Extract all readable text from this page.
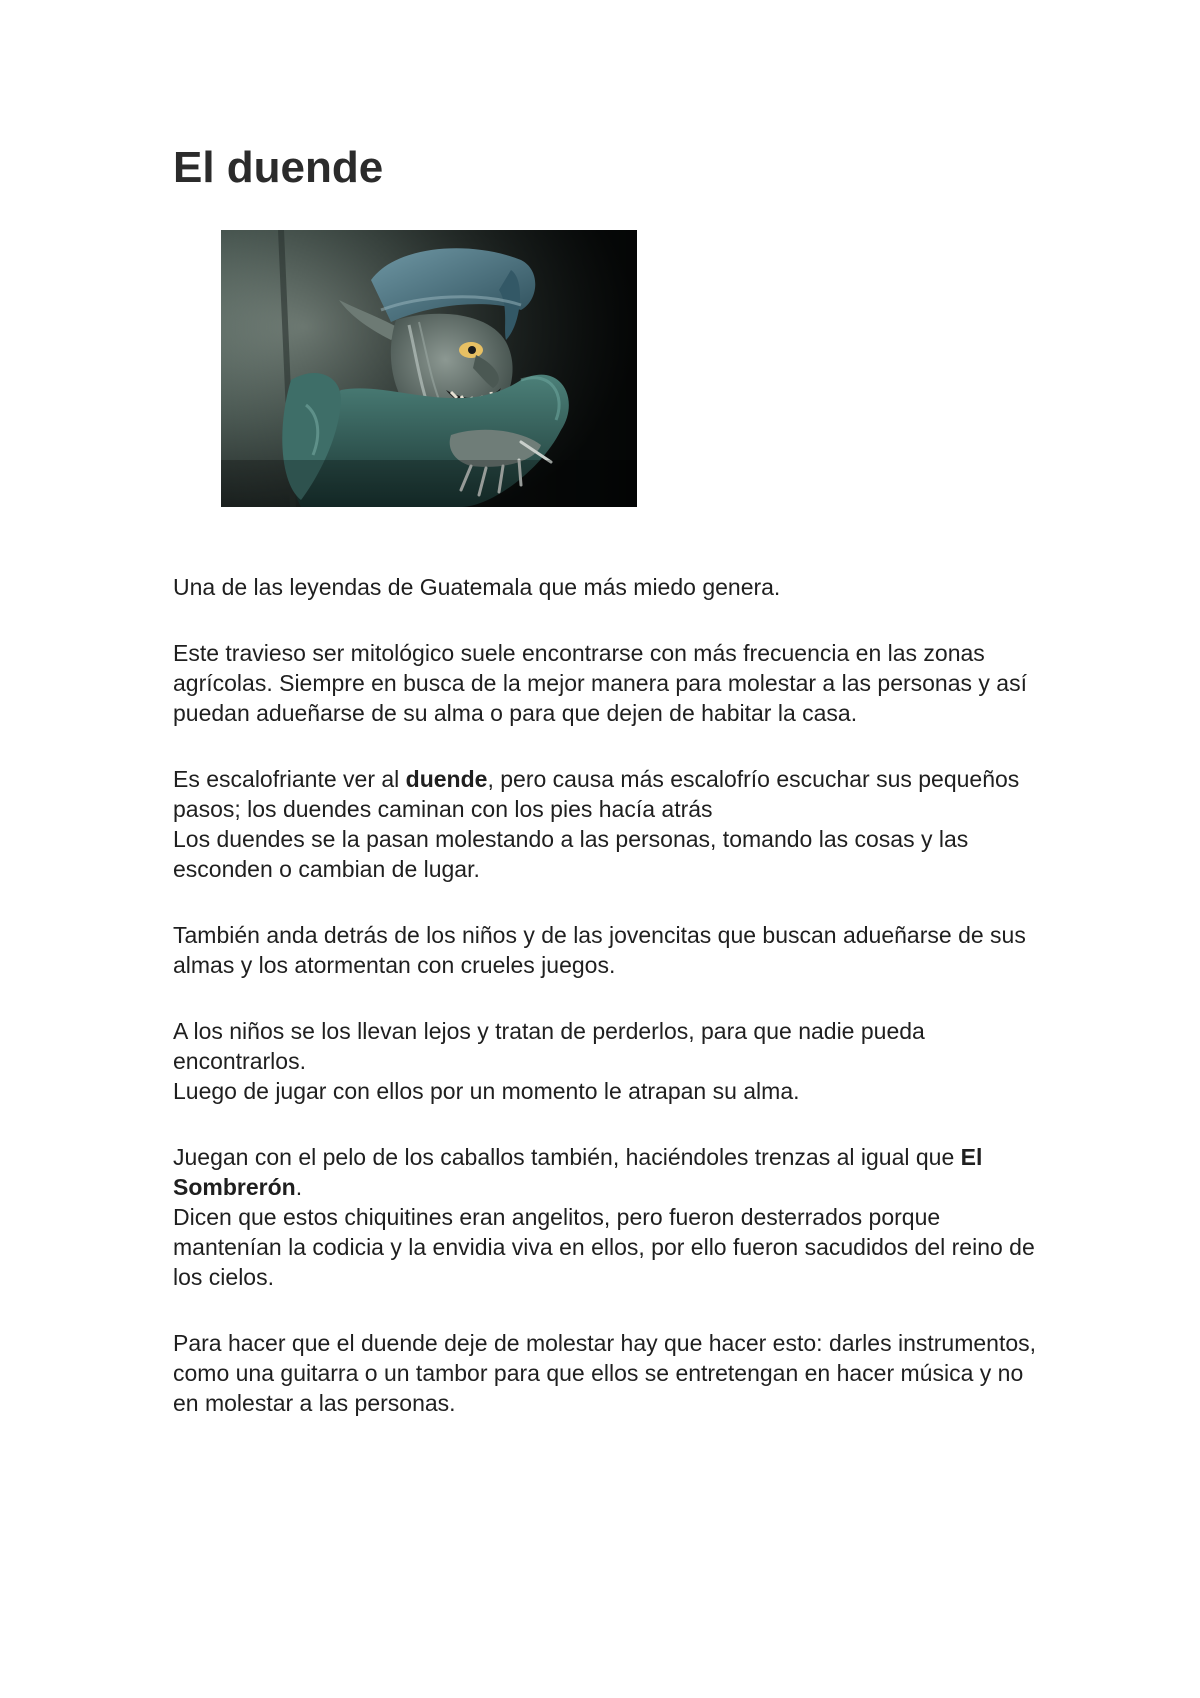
El duende

Una de las leyendas de Guatemala que más miedo genera.

Este travieso ser mitológico suele encontrarse con más frecuencia en las zonas agrícolas. Siempre en busca de la mejor manera para molestar a las personas y así puedan adueñarse de su alma o para que dejen de habitar la casa.

Es escalofriante ver al duende, pero causa más escalofrío escuchar sus pequeños pasos; los duendes caminan con los pies hacía atrás
Los duendes se la pasan molestando a las personas, tomando las cosas y las esconden o cambian de lugar.

También anda detrás de los niños y de las jovencitas que buscan adueñarse de sus almas y los atormentan con crueles juegos.

A los niños se los llevan lejos y tratan de perderlos, para que nadie pueda encontrarlos.
Luego de jugar con ellos por un momento le atrapan su alma.

Juegan con el pelo de los caballos también, haciéndoles trenzas al igual que El Sombrerón.
Dicen que estos chiquitines eran angelitos, pero fueron desterrados porque mantenían la codicia y la envidia viva en ellos, por ello fueron sacudidos del reino de los cielos.

Para hacer que el duende deje de molestar hay que hacer esto: darles instrumentos, como una guitarra o un tambor para que ellos se entretengan en hacer música y no en molestar a las personas.
